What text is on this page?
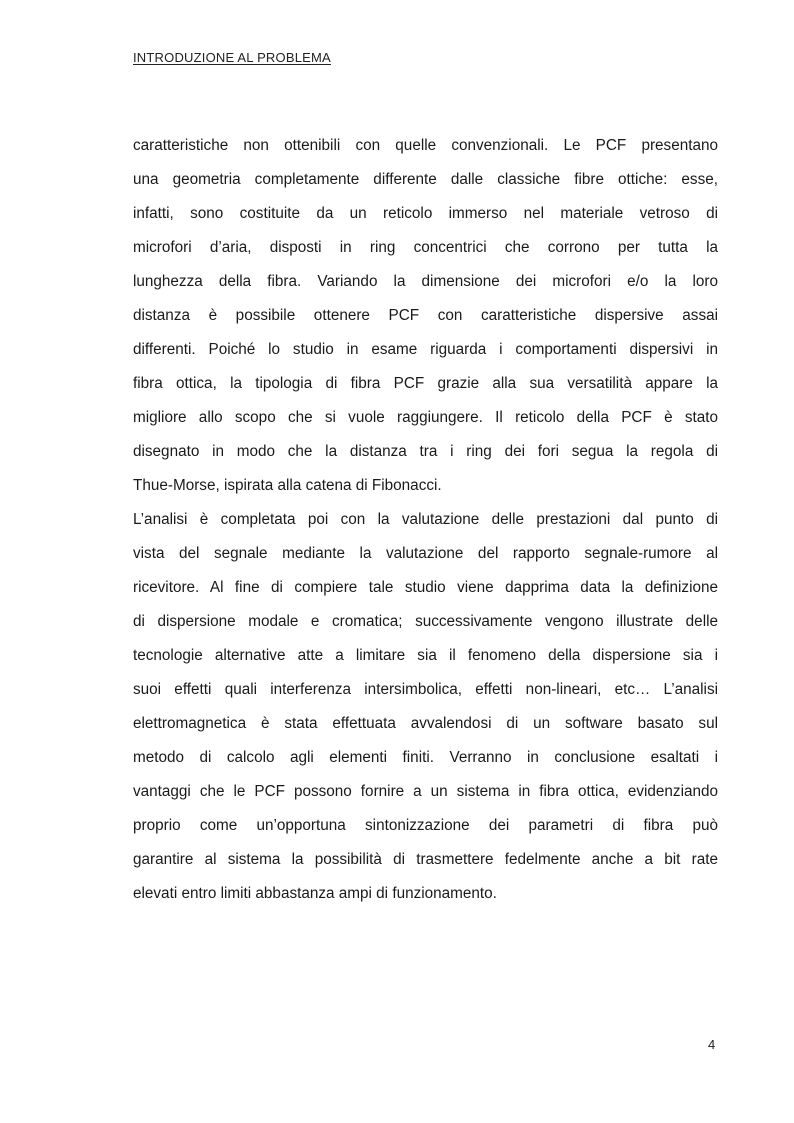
INTRODUZIONE AL PROBLEMA
caratteristiche non ottenibili con quelle convenzionali. Le PCF presentano
una geometria completamente differente dalle classiche fibre ottiche: esse,
infatti, sono costituite da un reticolo immerso nel materiale vetroso di
microfori d’aria, disposti in ring concentrici che corrono per tutta la
lunghezza della fibra. Variando la dimensione dei microfori e/o la loro
distanza è possibile ottenere PCF con caratteristiche dispersive assai
differenti. Poiché lo studio in esame riguarda i comportamenti dispersivi in
fibra ottica, la tipologia di fibra PCF grazie alla sua versatilità appare la
migliore allo scopo che si vuole raggiungere. Il reticolo della PCF è stato
disegnato in modo che la distanza tra i ring dei fori segua la regola di
Thue-Morse, ispirata alla catena di Fibonacci.
L’analisi è completata poi con la valutazione delle prestazioni dal punto di
vista del segnale mediante la valutazione del rapporto segnale-rumore al
ricevitore. Al fine di compiere tale studio viene dapprima data la definizione
di dispersione modale e cromatica; successivamente vengono illustrate delle
tecnologie alternative atte a limitare sia il fenomeno della dispersione sia i
suoi effetti quali interferenza intersimbolica, effetti non-lineari, etc… L’analisi
elettromagnetica è stata effettuata avvalendosi di un software basato sul
metodo di calcolo agli elementi finiti. Verranno in conclusione esaltati i
vantaggi che le PCF possono fornire a un sistema in fibra ottica, evidenziando
proprio come un’opportuna sintonizzazione dei parametri di fibra può
garantire al sistema la possibilità di trasmettere fedelmente anche a bit rate
elevati entro limiti abbastanza ampi di funzionamento.
4
